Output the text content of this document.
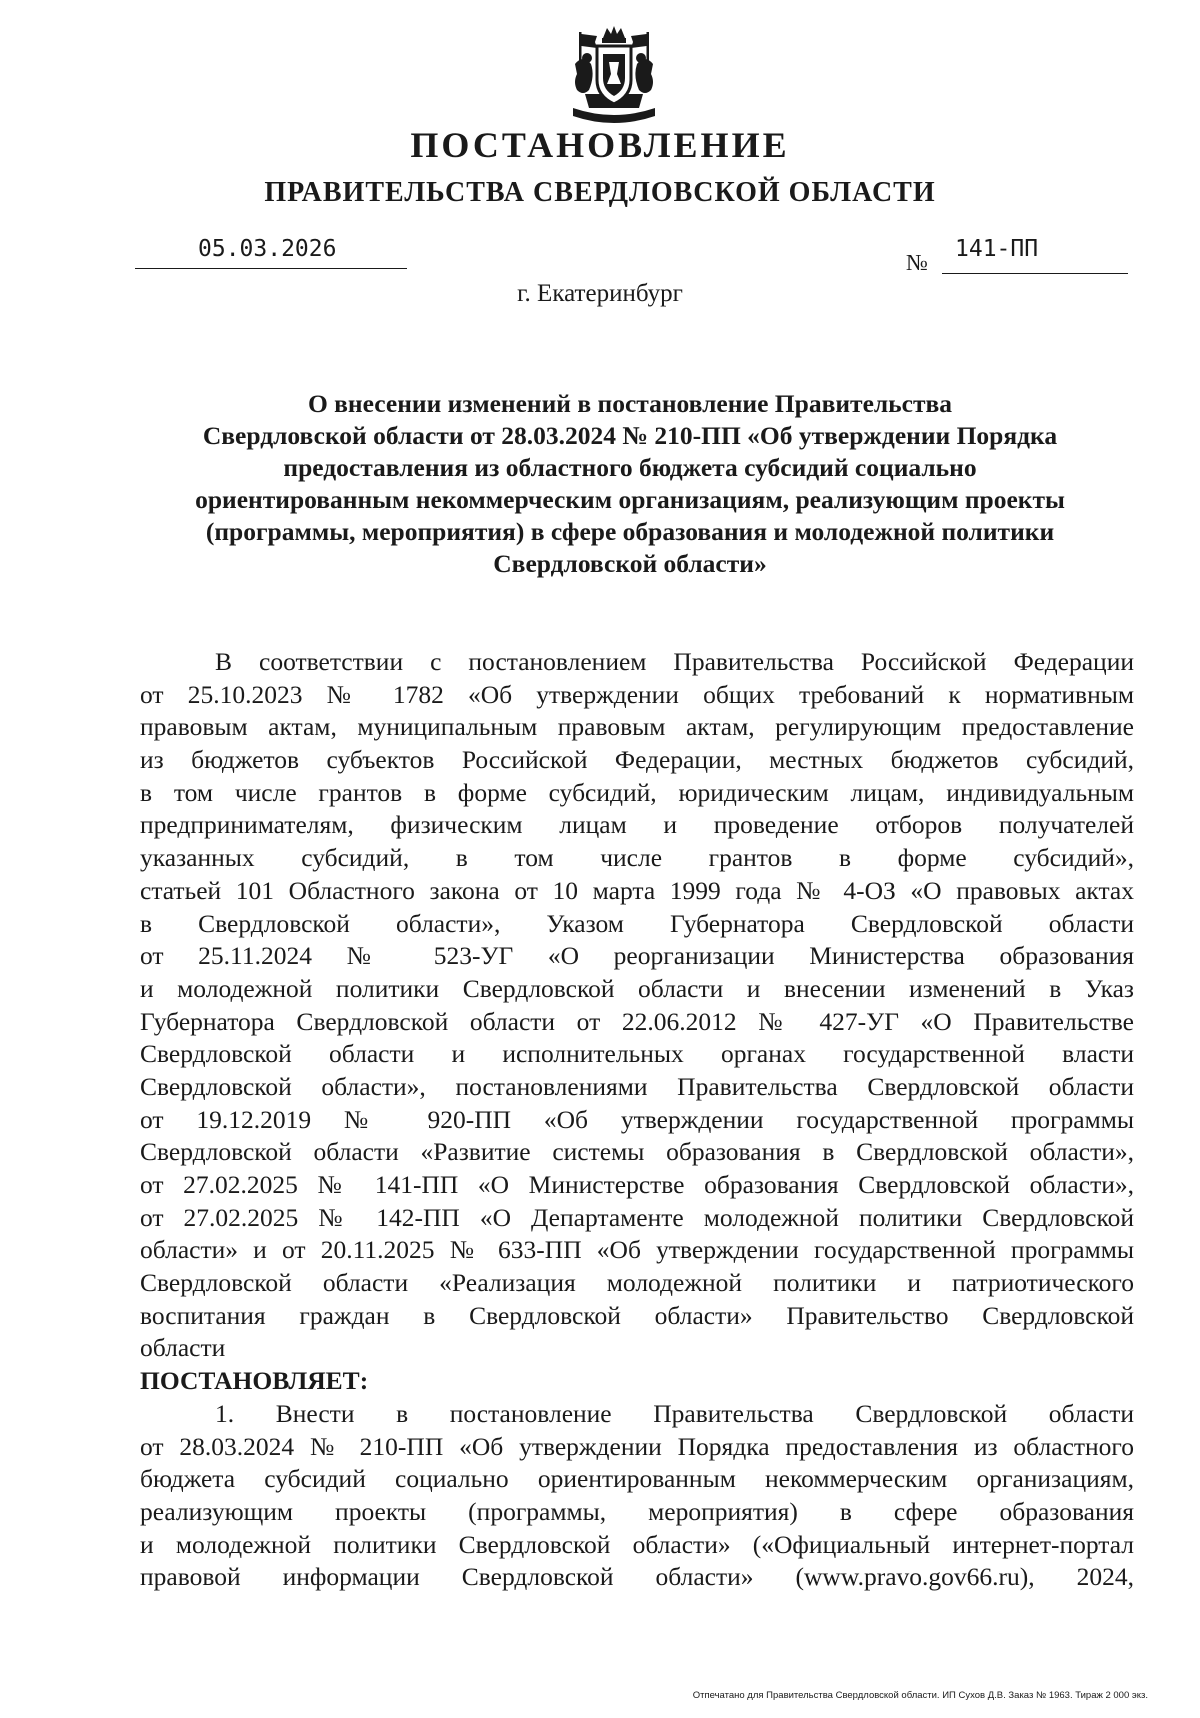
ПОСТАНОВЛЕНИЕ
ПРАВИТЕЛЬСТВА СВЕРДЛОВСКОЙ ОБЛАСТИ
05.03.2026
№
141-ПП
г. Екатеринбург
О внесении изменений в постановление Правительства
Свердловской области от 28.03.2024 № 210-ПП «Об утверждении Порядка
предоставления из областного бюджета субсидий социально
ориентированным некоммерческим организациям, реализующим проекты
(программы, мероприятия) в сфере образования и молодежной политики
Свердловской области»
В соответствии с постановлением Правительства Российской Федерации
от 25.10.2023 № 1782 «Об утверждении общих требований к нормативным
правовым актам, муниципальным правовым актам, регулирующим предоставление
из бюджетов субъектов Российской Федерации, местных бюджетов субсидий,
в том числе грантов в форме субсидий, юридическим лицам, индивидуальным
предпринимателям, физическим лицам и проведение отборов получателей
указанных субсидий, в том числе грантов в форме субсидий»,
статьей 101 Областного закона от 10 марта 1999 года № 4-ОЗ «О правовых актах
в Свердловской области», Указом Губернатора Свердловской области
от 25.11.2024 № 523-УГ «О реорганизации Министерства образования
и молодежной политики Свердловской области и внесении изменений в Указ
Губернатора Свердловской области от 22.06.2012 № 427-УГ «О Правительстве
Свердловской области и исполнительных органах государственной власти
Свердловской области», постановлениями Правительства Свердловской области
от 19.12.2019 № 920-ПП «Об утверждении государственной программы
Свердловской области «Развитие системы образования в Свердловской области»,
от 27.02.2025 № 141-ПП «О Министерстве образования Свердловской области»,
от 27.02.2025 № 142-ПП «О Департаменте молодежной политики Свердловской
области» и от 20.11.2025 № 633-ПП «Об утверждении государственной программы
Свердловской области «Реализация молодежной политики и патриотического
воспитания граждан в Свердловской области» Правительство Свердловской
области
ПОСТАНОВЛЯЕТ:
1. Внести в постановление Правительства Свердловской области
от 28.03.2024 № 210-ПП «Об утверждении Порядка предоставления из областного
бюджета субсидий социально ориентированным некоммерческим организациям,
реализующим проекты (программы, мероприятия) в сфере образования
и молодежной политики Свердловской области» («Официальный интернет-портал
правовой информации Свердловской области» (www.pravo.gov66.ru), 2024,
Отпечатано для Правительства Свердловской области. ИП Сухов Д.В. Заказ № 1963. Тираж 2 000 экз.
